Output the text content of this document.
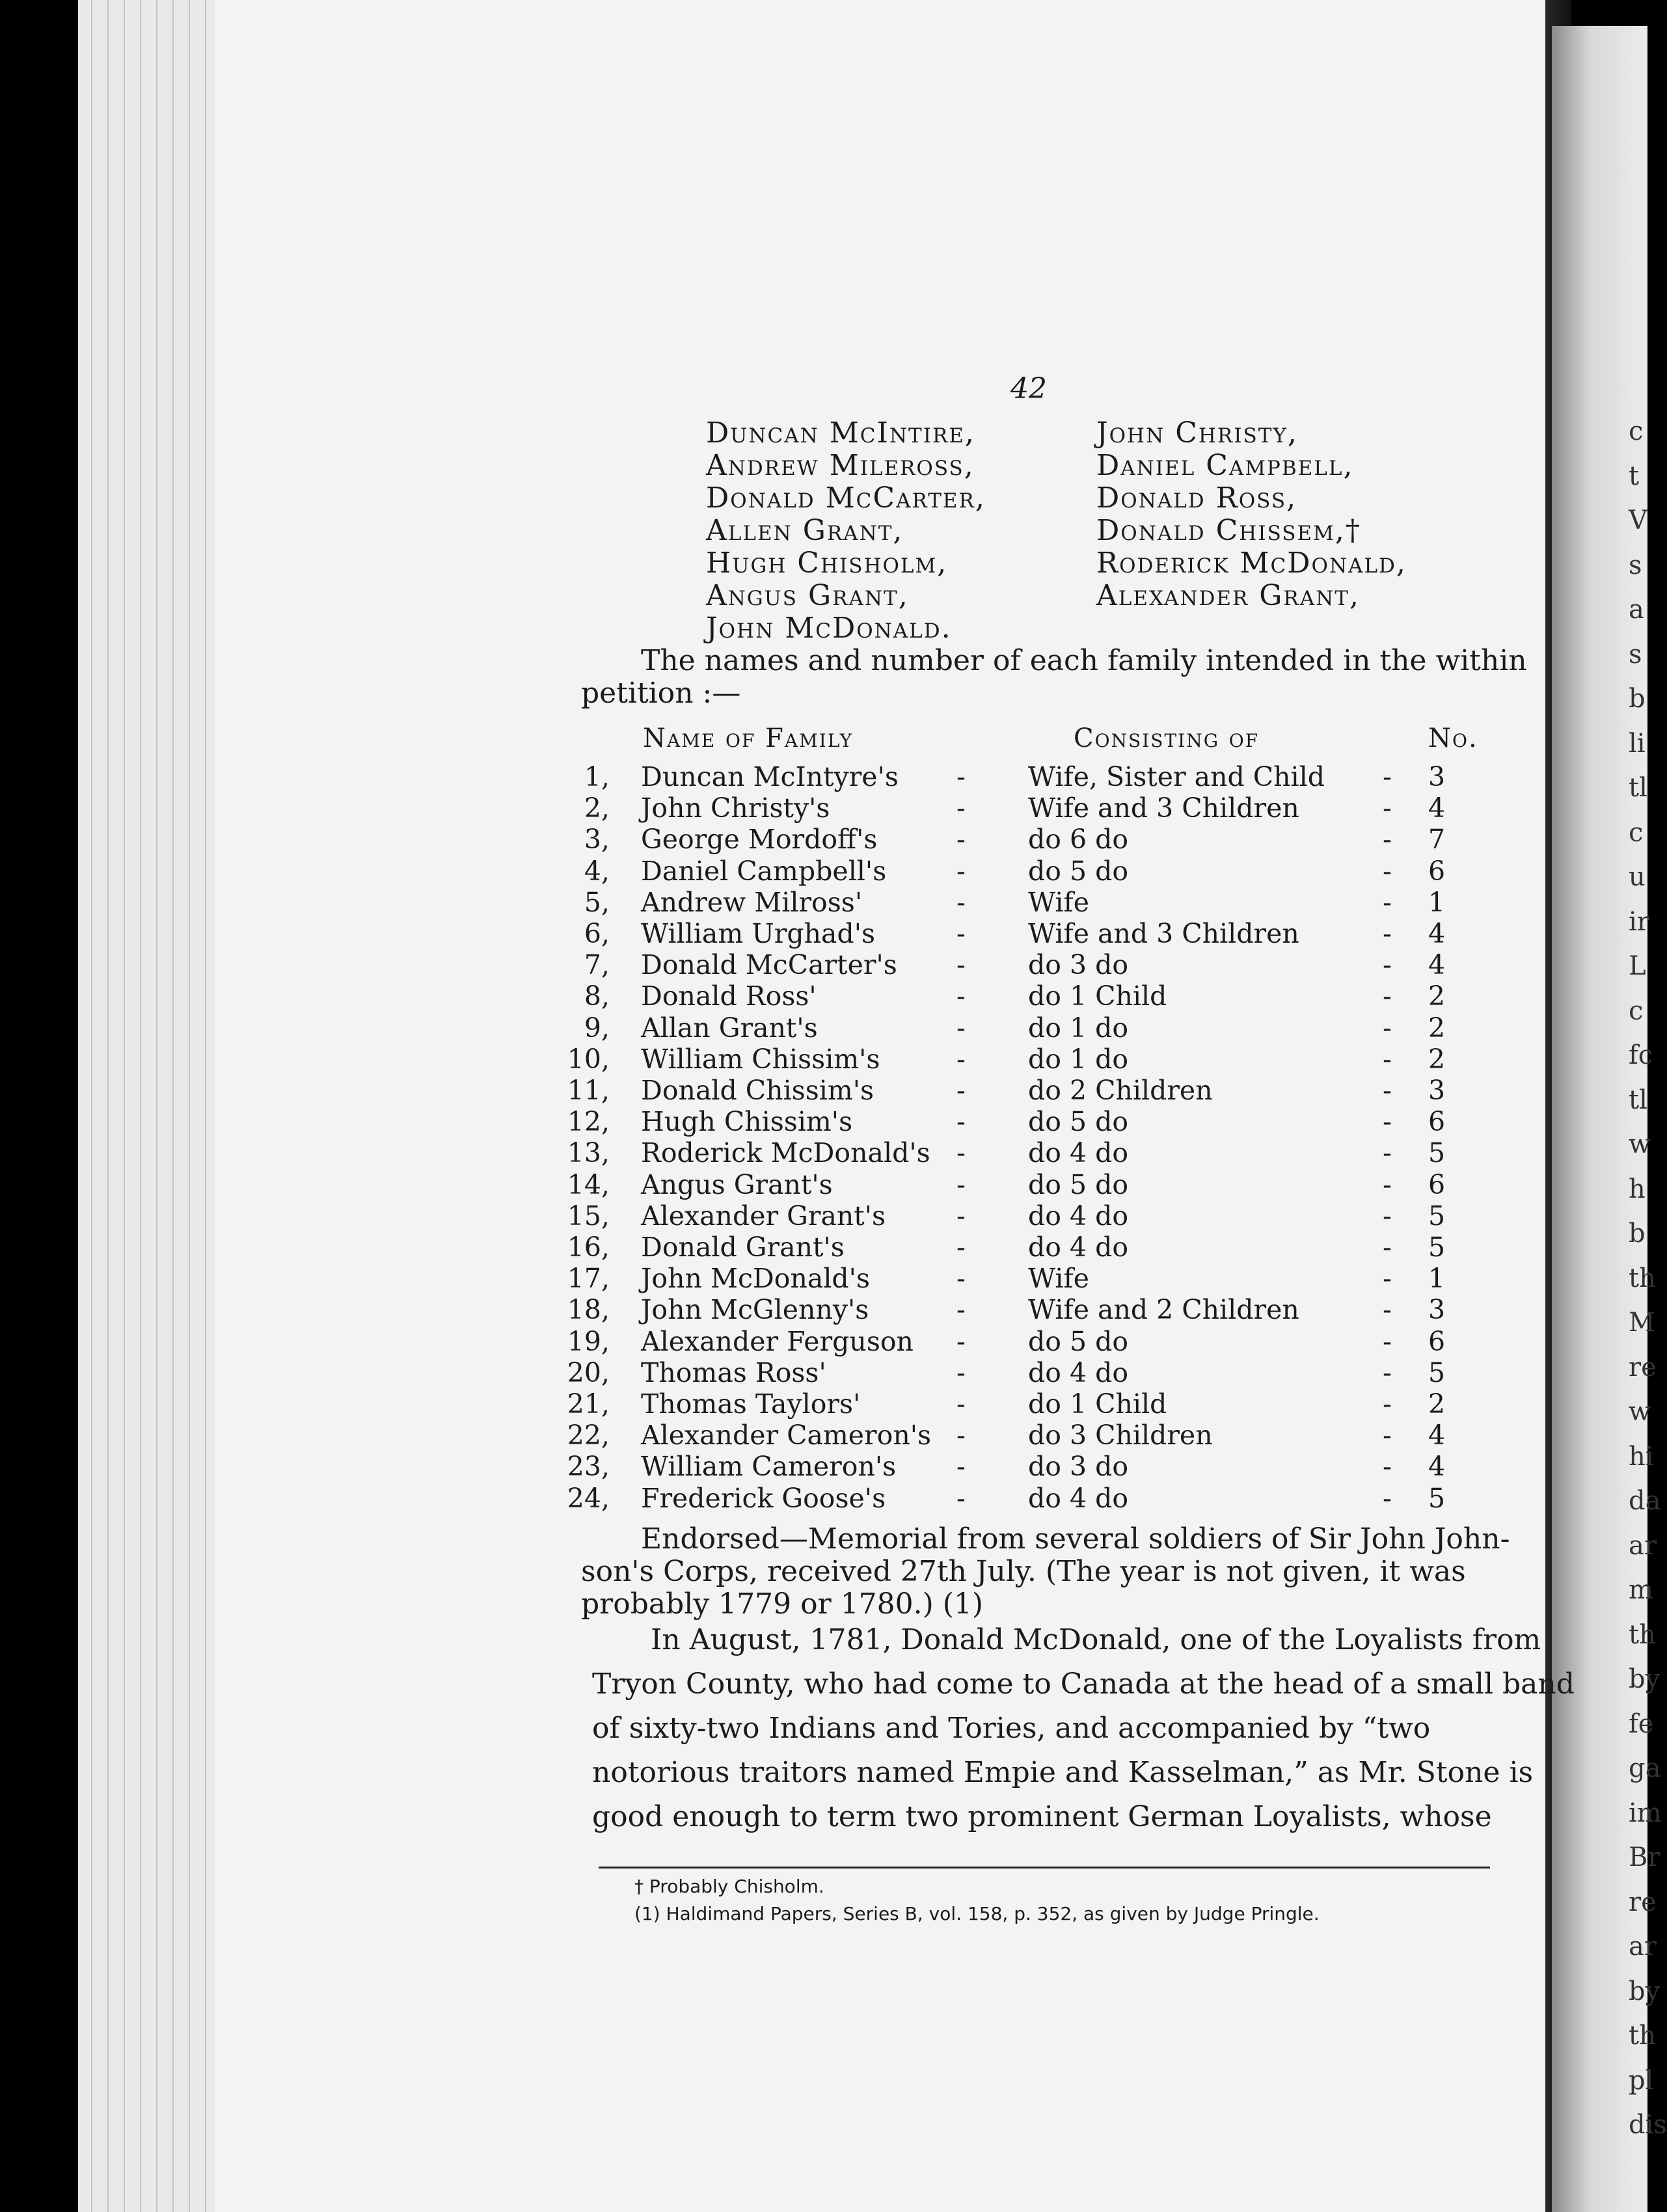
c
t
V
s
a
s
b
li
tl
c
u
ir
L
c
fc
tl
w
h
b
th
M
re
w
hi
da
ar
m
th
by
fe
ga
im
Br
re
ar
by
th
pl
dis
42
Duncan McIntire,
Andrew Mileross,
Donald McCarter,
Allen Grant,
Hugh Chisholm,
Angus Grant,
John McDonald.
John Christy,
Daniel Campbell,
Donald Ross,
Donald Chissem,†
Roderick McDonald,
Alexander Grant,
The names and number of each family intended in the within
petition :—
Name of Family	Consisting of	No.
1, Duncan McIntyre's - Wife, Sister and Child - 3
2, John Christy's	- Wife and 3 Children	- 4
3, George Mordoff's	- do 6 do	- 7
4, Daniel Campbell's	- do 5 do	- 6
5, Andrew Milross'	- Wife	- 1
6, William Urghad's	- Wife and 3 Children	- 4
7, Donald McCarter's - do 3 do	- 4
8, Donald Ross'	- do 1 Child	- 2
9, Allan Grant's	- do 1 do	- 2
10, William Chissim's	- do 1 do	- 2
11, Donald Chissim's	- do 2 Children	- 3
12, Hugh Chissim's	- do 5 do	- 6
13, Roderick McDonald's - do 4 do	- 5
14, Angus Grant's	- do 5 do	- 6
15, Alexander Grant's	- do 4 do	- 5
16, Donald Grant's	- do 4 do	- 5
17, John McDonald's	- Wife	- 1
18, John McGlenny's	- Wife and 2 Children	- 3
19, Alexander Ferguson - do 5 do	- 6
20, Thomas Ross'	- do 4 do	- 5
21, Thomas Taylors'	- do 1 Child	- 2
22, Alexander Cameron's - do 3 Children	- 4
23, William Cameron's - do 3 do	- 4
24, Frederick Goose's	- do 4 do	- 5
Endorsed—Memorial from several soldiers of Sir John John-
son's Corps, received 27th July. (The year is not given, it was
probably 1779 or 1780.) (1)
In August, 1781, Donald McDonald, one of the Loyalists from
Tryon County, who had come to Canada at the head of a small band
of sixty-two Indians and Tories, and accompanied by “two
notorious traitors named Empie and Kasselman,” as Mr. Stone is
good enough to term two prominent German Loyalists, whose
† Probably Chisholm.
(1) Haldimand Papers, Series B, vol. 158, p. 352, as given by Judge Pringle.
